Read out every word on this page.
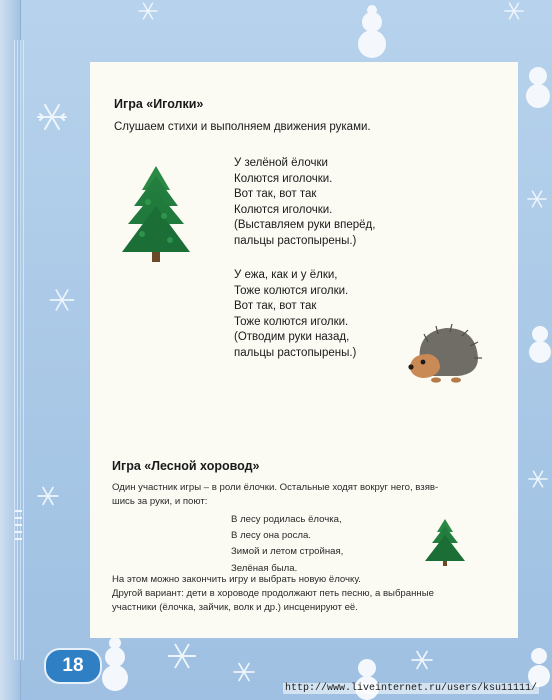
Игра «Иголки»
Слушаем стихи и выполняем движения руками.
У зелёной ёлочки
Колются иголочки.
Вот так, вот так
Колются иголочки.
(Выставляем руки вперёд,
пальцы растопырены.)
У ежа, как и у ёлки,
Тоже колются иголки.
Вот так, вот так
Тоже колются иголки.
(Отводим руки назад,
пальцы растопырены.)
Игра «Лесной хоровод»
Один участник игры – в роли ёлочки. Остальные ходят вокруг него, взяв-
шись за руки, и поют:
В лесу родилась ёлочка,
В лесу она росла.
Зимой и летом стройная,
Зелёная была.
На этом можно закончить игру и выбрать новую ёлочку.
Другой вариант: дети в хороводе продолжают петь песню, а выбранные
участники (ёлочка, зайчик, волк и др.) инсценируют её.
18
http://www.liveinternet.ru/users/ksu11111/
